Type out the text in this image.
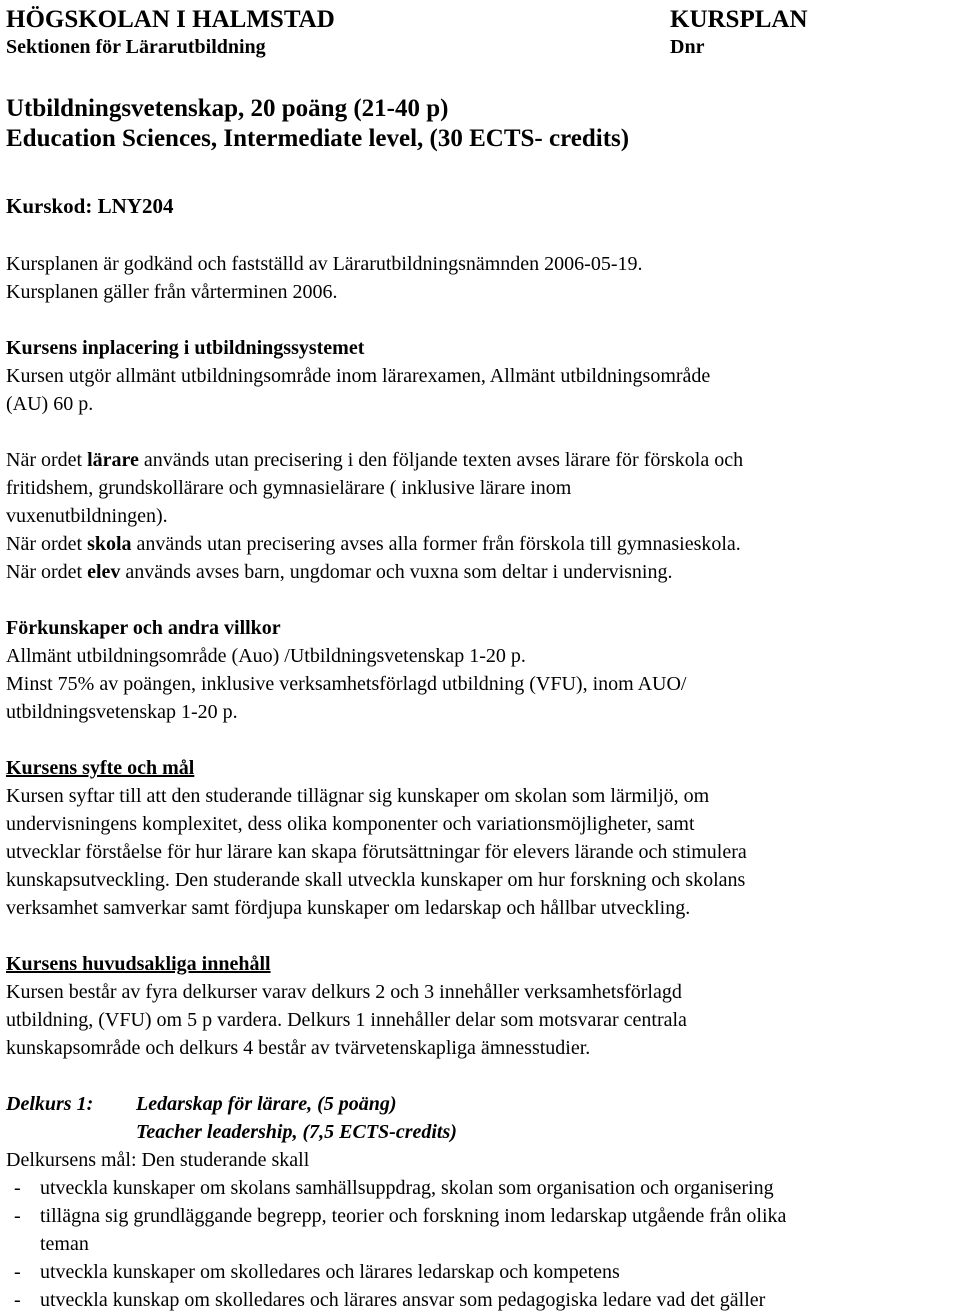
HÖGSKOLAN I HALMSTAD
Sektionen för Lärarutbildning
KURSPLAN
Dnr
Utbildningsvetenskap, 20 poäng (21-40 p)
Education Sciences, Intermediate level, (30 ECTS- credits)
Kurskod: LNY204
Kursplanen är godkänd och fastställd av Lärarutbildningsnämnden 2006-05-19.
Kursplanen gäller från vårterminen 2006.
Kursens inplacering i utbildningssystemet
Kursen utgör allmänt utbildningsområde inom lärarexamen, Allmänt utbildningsområde
(AU) 60 p.
När ordet lärare används utan precisering i den följande texten avses lärare för förskola och
fritidshem, grundskollärare och gymnasielärare ( inklusive lärare inom
vuxenutbildningen).
När ordet skola används utan precisering avses alla former från förskola till gymnasieskola.
När ordet elev används avses barn, ungdomar och vuxna som deltar i undervisning.
Förkunskaper och andra villkor
Allmänt utbildningsområde (Auo) /Utbildningsvetenskap 1-20 p.
Minst 75% av poängen, inklusive verksamhetsförlagd utbildning (VFU), inom AUO/
utbildningsvetenskap 1-20 p.
Kursens syfte och mål
Kursen syftar till att den studerande tillägnar sig kunskaper om skolan som lärmiljö, om
undervisningens komplexitet, dess olika komponenter och variationsmöjligheter, samt
utvecklar förståelse för hur lärare kan skapa förutsättningar för elevers lärande och stimulera
kunskapsutveckling. Den studerande skall utveckla kunskaper om hur forskning och skolans
verksamhet samverkar samt fördjupa kunskaper om ledarskap och hållbar utveckling.
Kursens huvudsakliga innehåll
Kursen består av fyra delkurser varav delkurs 2 och 3 innehåller verksamhetsförlagd
utbildning, (VFU) om 5 p vardera. Delkurs 1 innehåller delar som motsvarar centrala
kunskapsområde och delkurs 4 består av tvärvetenskapliga ämnesstudier.
Delkurs 1: Ledarskap för lärare, (5 poäng)
Teacher leadership, (7,5 ECTS-credits)
Delkursens mål: Den studerande skall
- utveckla kunskaper om skolans samhällsuppdrag, skolan som organisation och organisering
- tillägna sig grundläggande begrepp, teorier och forskning inom ledarskap utgående från olika
teman
- utveckla kunskaper om skolledares och lärares ledarskap och kompetens
- utveckla kunskap om skolledares och lärares ansvar som pedagogiska ledare vad det gäller
